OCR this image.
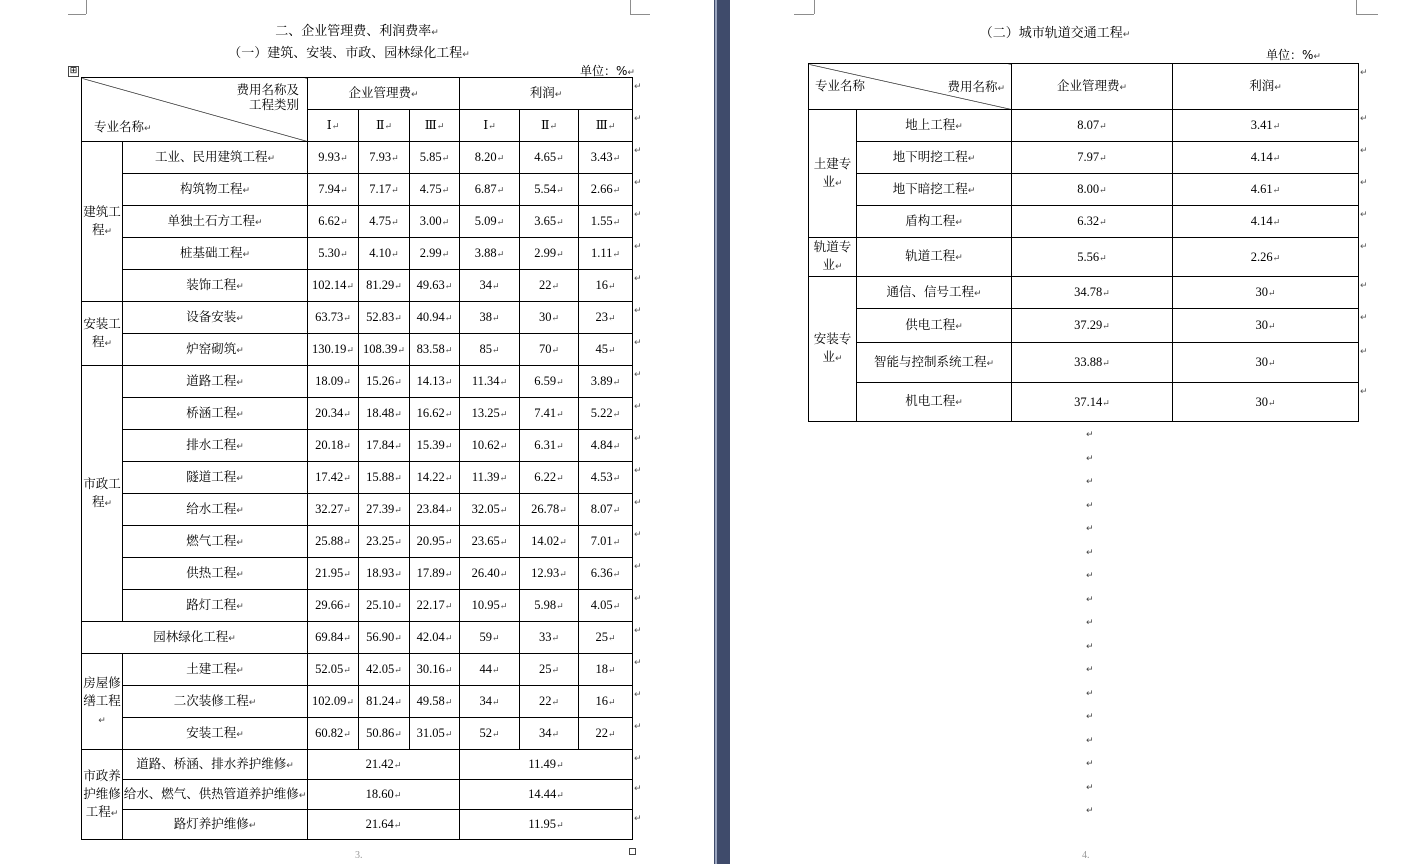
二、企业管理费、利润费率↵
（一）建筑、安装、市政、园林绿化工程↵
单位：%↵
⊞
费用名称及
工程类别
专业名称↵		企业管理费↵			利润↵		
		Ⅰ↵	Ⅱ↵	Ⅲ↵	Ⅰ↵	Ⅱ↵	Ⅲ↵
建筑工程↵	工业、民用建筑工程↵	9.93↵	7.93↵	5.85↵	8.20↵	4.65↵	3.43↵
	构筑物工程↵	7.94↵	7.17↵	4.75↵	6.87↵	5.54↵	2.66↵
	单独土石方工程↵	6.62↵	4.75↵	3.00↵	5.09↵	3.65↵	1.55↵
	桩基础工程↵	5.30↵	4.10↵	2.99↵	3.88↵	2.99↵	1.11↵
	装饰工程↵	102.14↵	81.29↵	49.63↵	34↵	22↵	16↵
安装工程↵	设备安装↵	63.73↵	52.83↵	40.94↵	38↵	30↵	23↵
	炉窑砌筑↵	130.19↵	108.39↵	83.58↵	85↵	70↵	45↵
市政工程↵	道路工程↵	18.09↵	15.26↵	14.13↵	11.34↵	6.59↵	3.89↵
	桥涵工程↵	20.34↵	18.48↵	16.62↵	13.25↵	7.41↵	5.22↵
	排水工程↵	20.18↵	17.84↵	15.39↵	10.62↵	6.31↵	4.84↵
	隧道工程↵	17.42↵	15.88↵	14.22↵	11.39↵	6.22↵	4.53↵
	给水工程↵	32.27↵	27.39↵	23.84↵	32.05↵	26.78↵	8.07↵
	燃气工程↵	25.88↵	23.25↵	20.95↵	23.65↵	14.02↵	7.01↵
	供热工程↵	21.95↵	18.93↵	17.89↵	26.40↵	12.93↵	6.36↵
	路灯工程↵	29.66↵	25.10↵	22.17↵	10.95↵	5.98↵	4.05↵
园林绿化工程↵		69.84↵	56.90↵	42.04↵	59↵	33↵	25↵
房屋修缮工程↵	土建工程↵	52.05↵	42.05↵	30.16↵	44↵	25↵	18↵
	二次装修工程↵	102.09↵	81.24↵	49.58↵	34↵	22↵	16↵
	安装工程↵	60.82↵	50.86↵	31.05↵	52↵	34↵	22↵
市政养护维修工程↵	道路、桥涵、排水养护维修↵	21.42↵			11.49↵		
	给水、燃气、供热管道养护维修↵	18.60↵			14.44↵		
	路灯养护维修↵	21.64↵			11.95↵		
↵
↵
↵
↵
↵
↵
↵
↵
↵
↵
↵
↵
↵
↵
↵
↵
↵
↵
↵
↵
↵
↵
↵
↵
3.
（二）城市轨道交通工程↵
单位：%↵
费用名称↵
专业名称		企业管理费↵	利润↵
土建专业↵	地上工程↵	8.07↵	3.41↵
	地下明挖工程↵	7.97↵	4.14↵
	地下暗挖工程↵	8.00↵	4.61↵
	盾构工程↵	6.32↵	4.14↵
轨道专业↵	轨道工程↵	5.56↵	2.26↵
安装专业↵	通信、信号工程↵	34.78↵	30↵
	供电工程↵	37.29↵	30↵
	智能与控制系统工程↵	33.88↵	30↵
	机电工程↵	37.14↵	30↵
↵
↵
↵
↵
↵
↵
↵
↵
↵
↵
↵
↵
↵
↵
↵
↵
↵
↵
↵
↵
↵
↵
↵
↵
↵
↵
↵
4.
